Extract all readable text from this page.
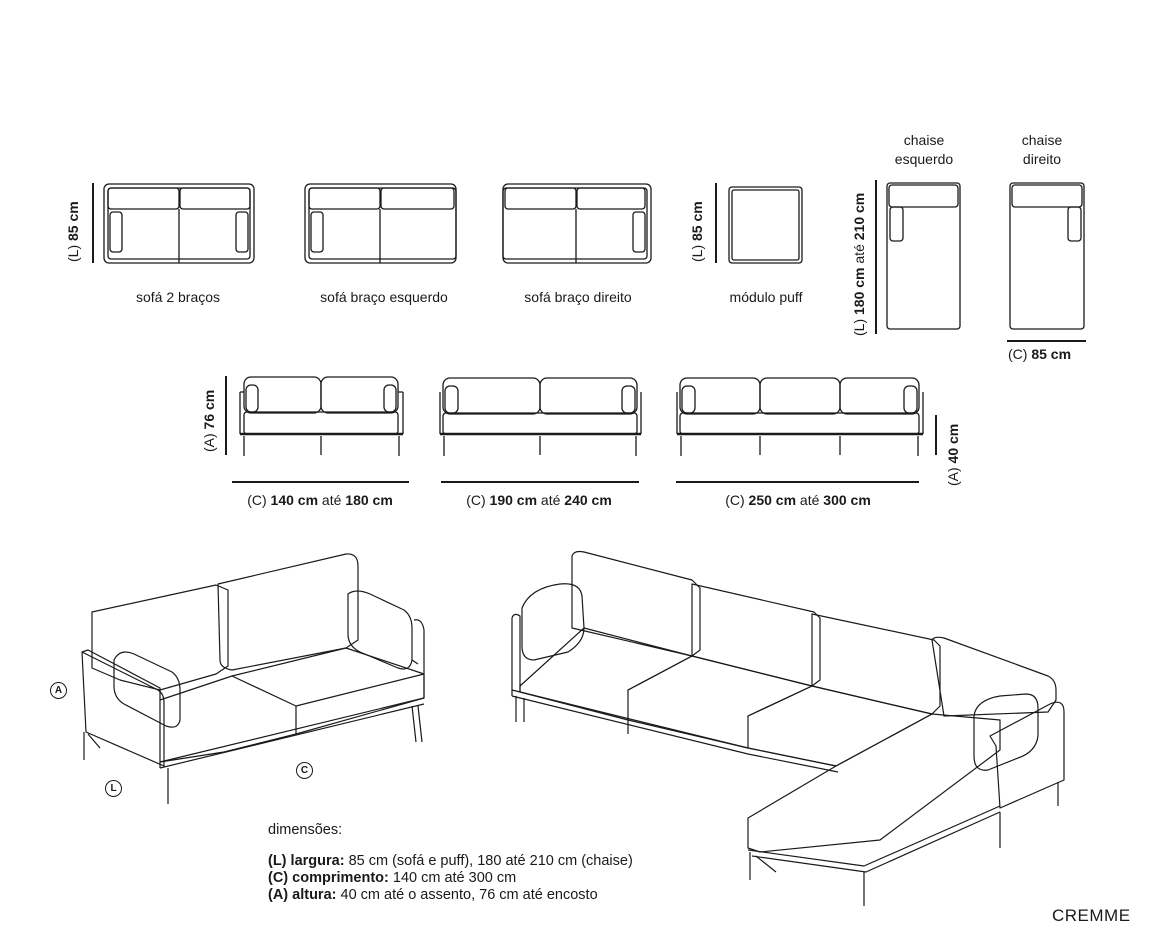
(L) 85 cm
sofá 2 braços	sofá braço esquerdo	sofá braço direito	módulo puff
(L) 85 cm
chaise
esquerdo
chaise
direito
(L) 180 cm até 210 cm
(C) 85 cm
(A) 76 cm
(A) 40 cm
(C) 140 cm até 180 cm	(C) 190 cm até 240 cm	(C) 250 cm até 300 cm
A
L
C
dimensões:
(L) largura: 85 cm (sofá e puff), 180 até 210 cm (chaise)
(C) comprimento: 140 cm até 300 cm
(A) altura: 40 cm até o assento, 76 cm até encosto
CREMME
